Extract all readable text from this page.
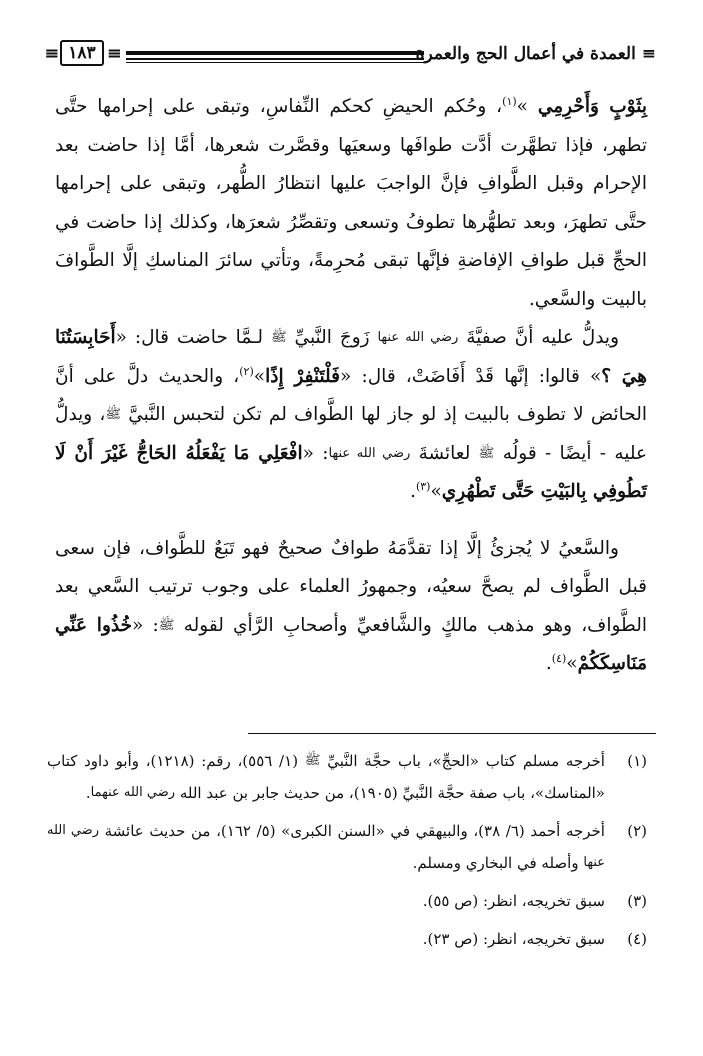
≡ العمدة في أعمال الحج والعمرة
≡ ١٨٣ ≡

بِثَوْبٍ وَأَحْرِمِي »$^{(١)}$، وحُكم الحيضِ كحكم النِّفاسِ، وتبقى على إحرامها حتَّى تطهر، فإذا تطهَّرت أدَّت طوافَها وسعيَها وقصَّرت شعرها، أمَّا إذا حاضت بعد الإحرام وقبل الطَّوافِ فإنَّ الواجبَ عليها انتظارُ الطُّهر، وتبقى على إحرامها حتَّى تطهرَ، وبعد تطهُّرها تطوفُ وتسعى وتقصِّرُ شعرَها، وكذلك إذا حاضت في الحجِّ قبل طوافِ الإفاضةِ فإنَّها تبقى مُحرِمةً، وتأتي سائرَ المناسكِ إلَّا الطَّوافَ بالبيت والسَّعي.

ويدلُّ عليه أنَّ صفيَّةَ رضي الله عنها زَوجَ النَّبيِّ ﷺ لـمَّا حاضت قال: «أَحَابِسَتُنَا هِيَ ؟» قالوا: إنَّها قَدْ أَفَاضَتْ، قال: «فَلْتَنْفِرْ إِذًا»$^{(٢)}$، والحديث دلَّ على أنَّ الحائض لا تطوف بالبيت إذ لو جاز لها الطَّواف لم تكن لتحبس النَّبيَّ ﷺ، ويدلُّ عليه - أيضًا - قولُه ﷺ لعائشةَ رضي الله عنها: «افْعَلِي مَا يَفْعَلُهُ الحَاجُّ غَيْرَ أَنْ لَا تَطُوفِي بِالبَيْتِ حَتَّى تَطْهُرِي»$^{(٣)}$.

والسَّعيُ لا يُجزئُ إلَّا إذا تقدَّمَهُ طوافٌ صحيحٌ فهو تَبَعٌ للطَّواف، فإن سعى قبل الطَّواف لم يصحَّ سعيُه، وجمهورُ العلماء على وجوب ترتيب السَّعي بعد الطَّواف، وهو مذهب مالكٍ والشَّافعيِّ وأصحابِ الرَّأي لقوله ﷺ: «خُذُوا عَنِّي مَنَاسِكَكُمْ»$^{(٤)}$.

(١)
أخرجه مسلم كتاب «الحجِّ»، باب حجَّة النَّبيِّ ﷺ (١/ ٥٥٦)، رقم: (١٢١٨)، وأبو داود كتاب «المناسك»، باب صفة حجَّة النَّبيِّ (١٩٠٥)، من حديث جابر بن عبد الله رضي الله عنهما.
(٢)
أخرجه أحمد (٦/ ٣٨)، والبيهقي في «السنن الكبرى» (٥/ ١٦٢)، من حديث عائشة رضي الله عنها وأصله في البخاري ومسلم.
(٣)
سبق تخريجه، انظر: (ص ٥٥).
(٤)
سبق تخريجه، انظر: (ص ٢٣).
